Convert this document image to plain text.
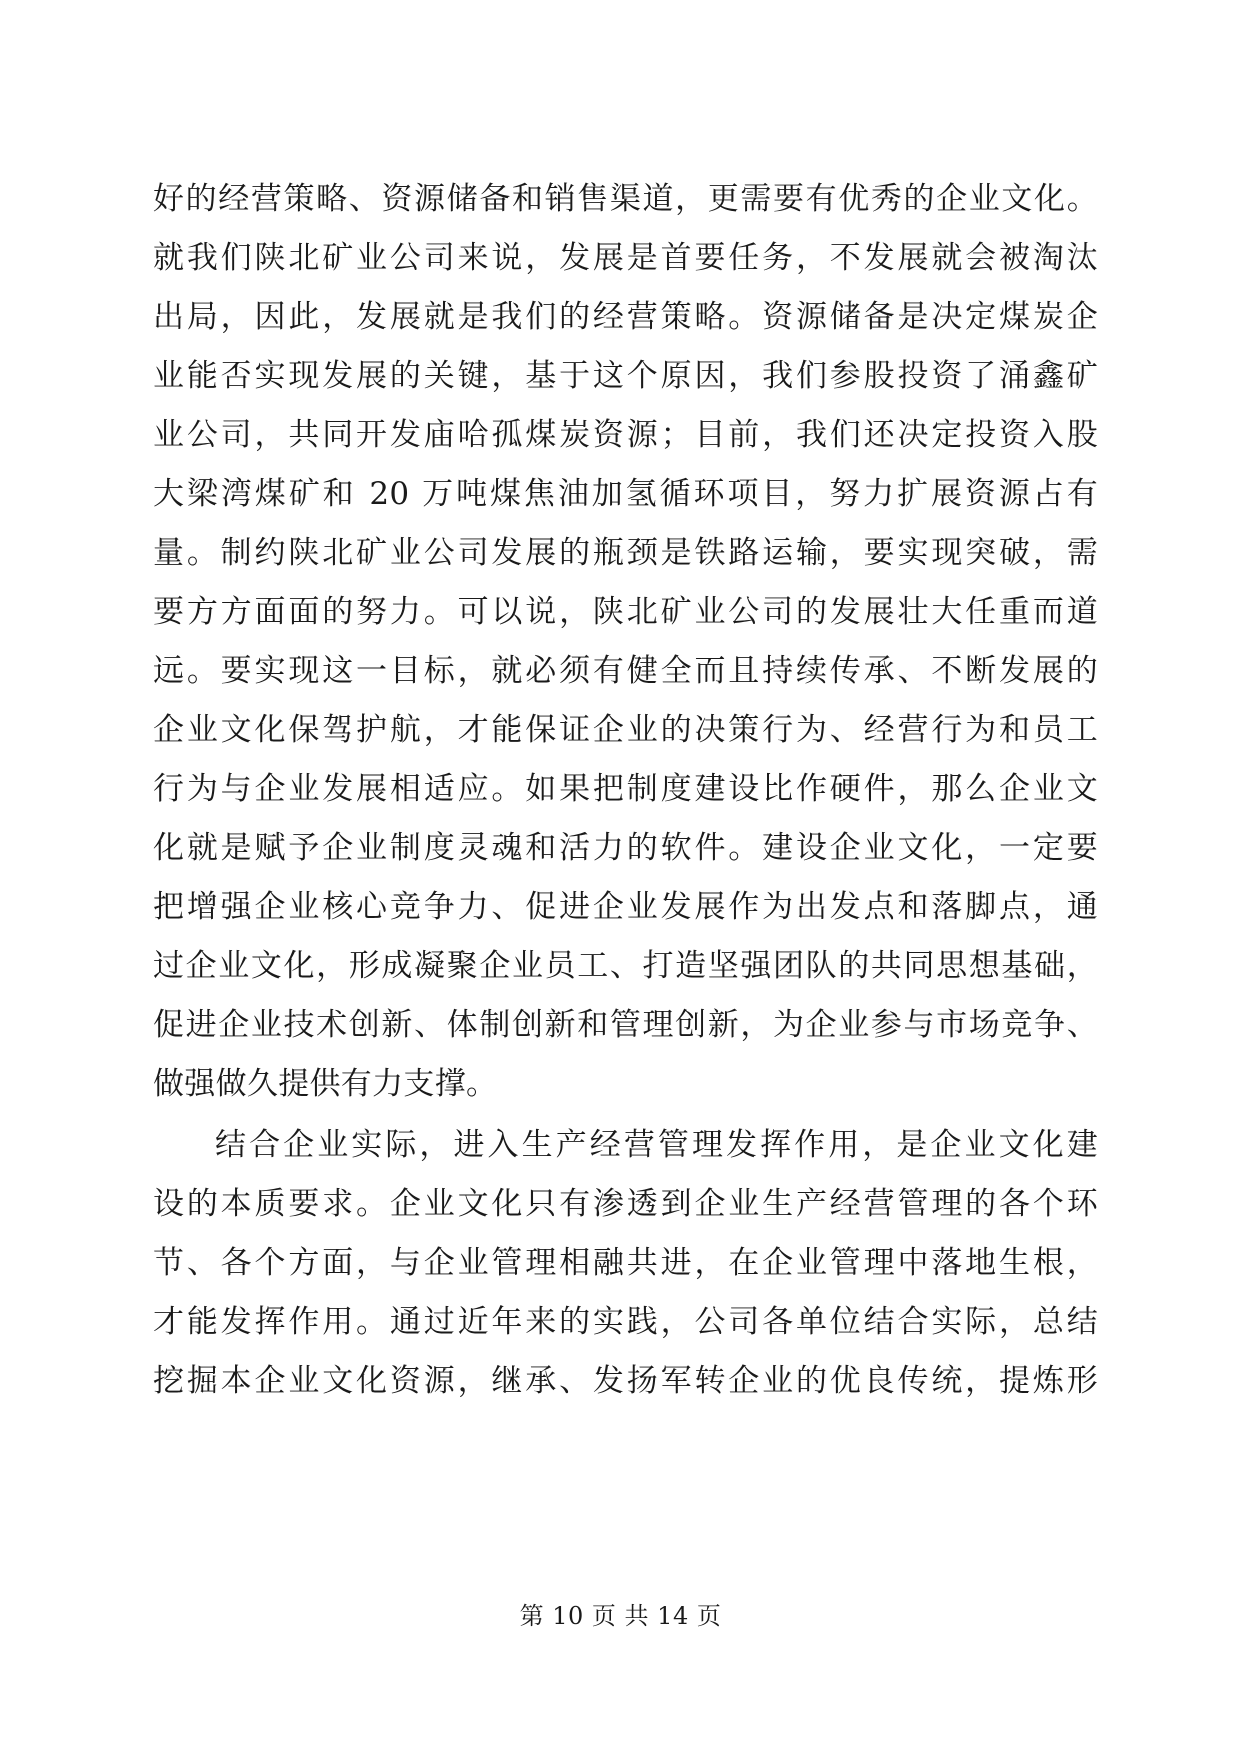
好的经营策略、资源储备和销售渠道，更需要有优秀的企业文化。
就我们陕北矿业公司来说，发展是首要任务，不发展就会被淘汰
出局，因此，发展就是我们的经营策略。资源储备是决定煤炭企
业能否实现发展的关键，基于这个原因，我们参股投资了涌鑫矿
业公司，共同开发庙哈孤煤炭资源；目前，我们还决定投资入股
大梁湾煤矿和 20 万吨煤焦油加氢循环项目，努力扩展资源占有
量。制约陕北矿业公司发展的瓶颈是铁路运输，要实现突破，需
要方方面面的努力。可以说，陕北矿业公司的发展壮大任重而道
远。要实现这一目标，就必须有健全而且持续传承、不断发展的
企业文化保驾护航，才能保证企业的决策行为、经营行为和员工
行为与企业发展相适应。如果把制度建设比作硬件，那么企业文
化就是赋予企业制度灵魂和活力的软件。建设企业文化，一定要
把增强企业核心竞争力、促进企业发展作为出发点和落脚点，通
过企业文化，形成凝聚企业员工、打造坚强团队的共同思想基础，
促进企业技术创新、体制创新和管理创新，为企业参与市场竞争、
做强做久提供有力支撑。
结合企业实际，进入生产经营管理发挥作用，是企业文化建
设的本质要求。企业文化只有渗透到企业生产经营管理的各个环
节、各个方面，与企业管理相融共进，在企业管理中落地生根，
才能发挥作用。通过近年来的实践，公司各单位结合实际，总结
挖掘本企业文化资源，继承、发扬军转企业的优良传统，提炼形
第 10 页 共 14 页
